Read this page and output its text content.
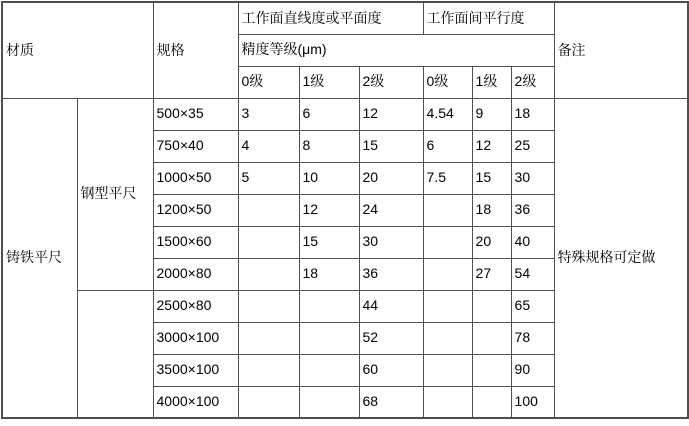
材质		规格	工作面直线度或平面度			工作面间平行度			备注
			精度等级(μm)						
			0级	1级	2级	0级	1级	2级	
铸铁平尺	钢型平尺	500×35	3	6	12	4.54	9	18	特殊规格可定做
		750×40	4	8	15	6	12	25	
		1000×50	5	10	20	7.5	15	30	
		1200×50		12	24		18	36	
		1500×60		15	30		20	40	
		2000×80		18	36		27	54	
		2500×80			44			65	
		3000×100			52			78	
		3500×100			60			90	
		4000×100			68			100	
